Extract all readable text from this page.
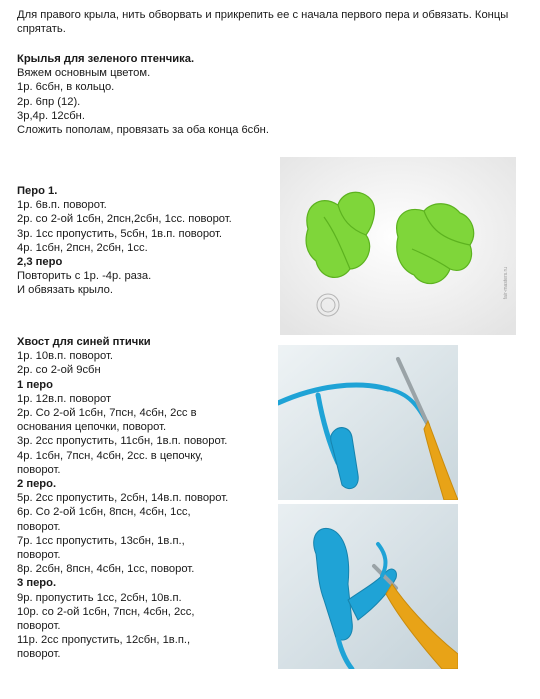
Для правого крыла, нить обворвать и прикрепить ее с начала первого пера и обвязать. Концы спрятать.

Крылья для зеленого птенчика.

Вяжем основным цветом.

1р. 6сбн, в кольцо.

2р. 6пр (12).

3р,4р. 12сбн.

Сложить пополам, провязать за оба конца 6сбн.

Перо 1.

1р. 6в.п. поворот.

2р. со 2-ой 1сбн, 2псн,2сбн, 1сс. поворот.

3р. 1сс пропустить, 5сбн, 1в.п. поворот.

4р. 1сбн, 2псн, 2сбн, 1сс.

2,3 перо

Повторить с 1р. -4р. раза.

И обвязать крыло.

Хвост для синей птички

1р. 10в.п. поворот.

2р. со 2-ой 9сбн

1 перо

1р. 12в.п. поворот

2р. Со 2-ой 1сбн, 7псн, 4сбн, 2сс в

основания цепочки, поворот.

3р. 2сс пропустить, 11сбн, 1в.п. поворот.

4р. 1сбн, 7псн, 4сбн, 2сс. в цепочку,

поворот.

2 перо.

5р. 2сс пропустить, 2сбн, 14в.п. поворот.

6р. Со 2-ой 1сбн, 8псн, 4сбн, 1сс,

поворот.

7р. 1сс пропустить, 13сбн, 1в.п.,

поворот.

8р. 2сбн, 8псн, 4сбн, 1сс, поворот.

3 перо.

9р. пропустить 1сс, 2сбн, 10в.п.

10р. со 2-ой 1сбн, 7псн, 4сбн, 2сс,

поворот.

11р. 2сс пропустить, 12сбн, 1в.п.,

поворот.

fair-masters.ru
